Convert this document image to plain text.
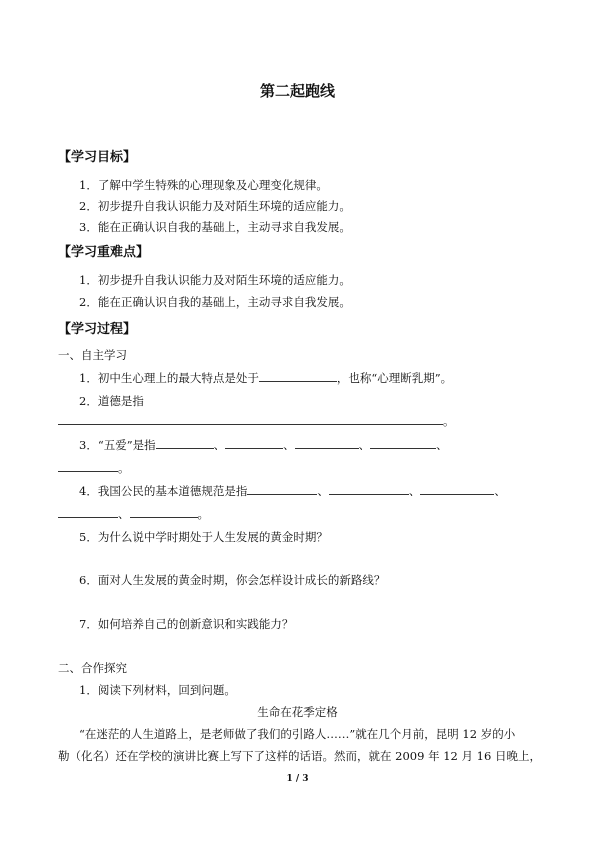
第二起跑线
【学习目标】
1．了解中学生特殊的心理现象及心理变化规律。
2．初步提升自我认识能力及对陌生环境的适应能力。
3．能在正确认识自我的基础上，主动寻求自我发展。
【学习重难点】
1．初步提升自我认识能力及对陌生环境的适应能力。
2．能在正确认识自我的基础上，主动寻求自我发展。
【学习过程】
一、自主学习
1．初中生心理上的最大特点是处于	，也称“心理断乳期”。
2．道德是指
。
3．“五爱”是指	、	、	、	、
。
4．我国公民的基本道德规范是指	、	、	、
、	。
5．为什么说中学时期处于人生发展的黄金时期？
6．面对人生发展的黄金时期，你会怎样设计成长的新路线？
7．如何培养自己的创新意识和实践能力？
二、合作探究
1．阅读下列材料，回到问题。
生命在花季定格
“在迷茫的人生道路上，是老师做了我们的引路人……”就在几个月前，昆明 12 岁的小
勒（化名）还在学校的演讲比赛上写下了这样的话语。然而，就在 2009 年 12 月 16 日晚上，
1 / 3
